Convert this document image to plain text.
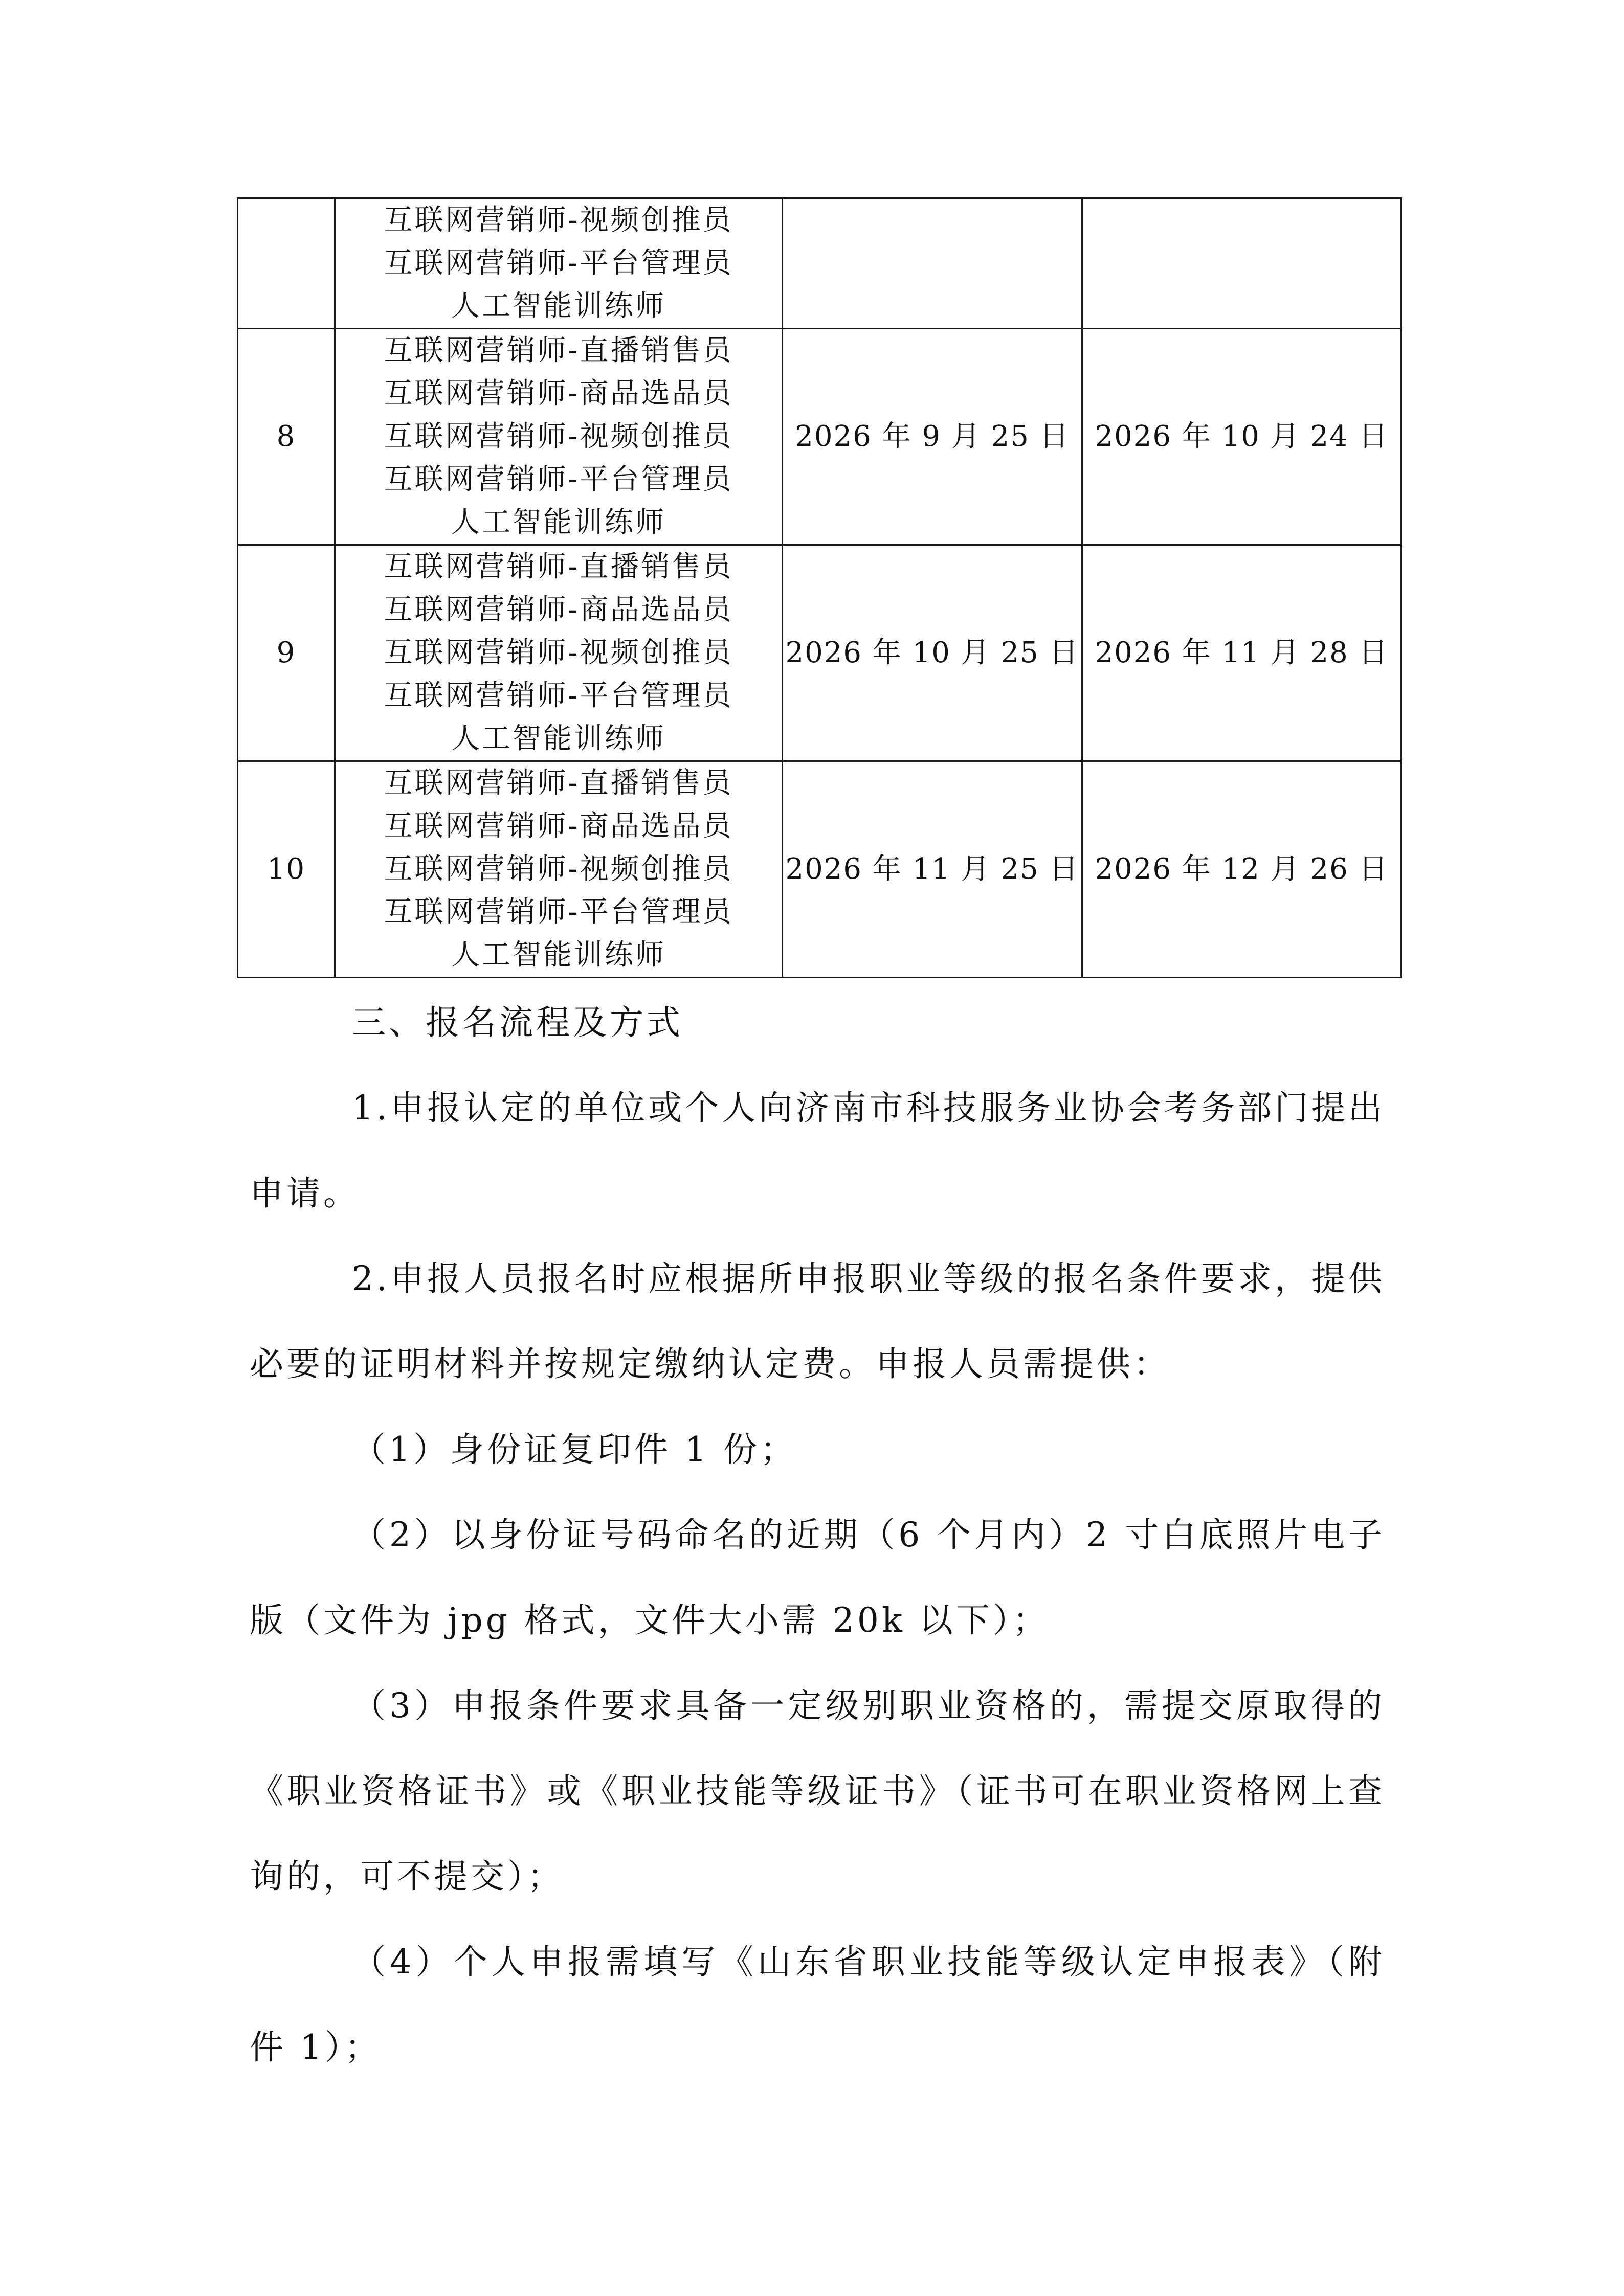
	互联网营销师-视频创推员
互联网营销师-平台管理员
人工智能训练师		

8	互联网营销师-直播销售员
互联网营销师-商品选品员
互联网营销师-视频创推员
互联网营销师-平台管理员
人工智能训练师	2026 年 9 月 25 日	2026 年 10 月 24 日
9	互联网营销师-直播销售员
互联网营销师-商品选品员
互联网营销师-视频创推员
互联网营销师-平台管理员
人工智能训练师	2026 年 10 月 25 日	2026 年 11 月 28 日
10	互联网营销师-直播销售员
互联网营销师-商品选品员
互联网营销师-视频创推员
互联网营销师-平台管理员
人工智能训练师	2026 年 11 月 25 日	2026 年 12 月 26 日

三、报名流程及方式

1.申报认定的单位或个人向济南市科技服务业协会考务部门提出申请。

2.申报人员报名时应根据所申报职业等级的报名条件要求，提供必要的证明材料并按规定缴纳认定费。申报人员需提供：

（1）身份证复印件 1 份；

（2）以身份证号码命名的近期（6 个月内）2 寸白底照片电子版（文件为 jpg 格式，文件大小需 20k 以下）；

（3）申报条件要求具备一定级别职业资格的，需提交原取得的《职业资格证书》或《职业技能等级证书》（证书可在职业资格网上查询的，可不提交）；

（4）个人申报需填写《山东省职业技能等级认定申报表》（附件 1）；
